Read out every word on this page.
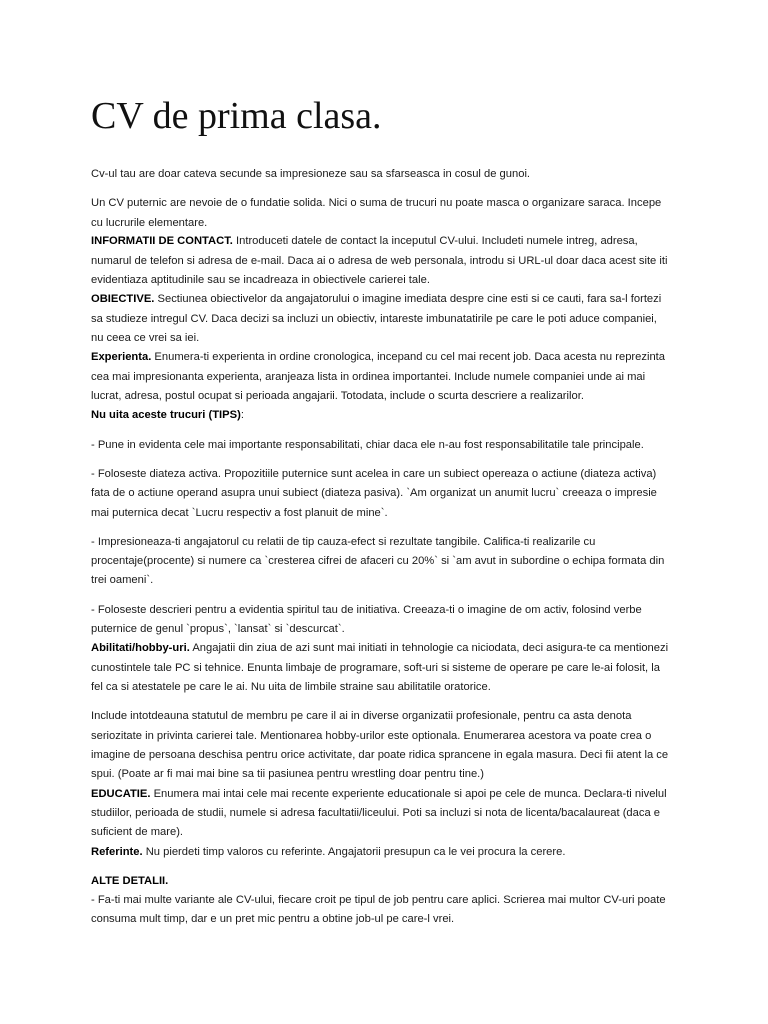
CV de prima clasa.
Cv-ul tau are doar cateva secunde sa impresioneze sau sa sfarseasca in cosul de gunoi.
Un CV puternic are nevoie de o fundatie solida. Nici o suma de trucuri nu poate masca o organizare saraca. Incepe
cu lucrurile elementare.
INFORMATII DE CONTACT. Introduceti datele de contact la inceputul CV-ului. Includeti numele intreg, adresa,
numarul de telefon si adresa de e-mail. Daca ai o adresa de web personala, introdu si URL-ul doar daca acest site iti
evidentiaza aptitudinile sau se incadreaza in obiectivele carierei tale.
OBIECTIVE. Sectiunea obiectivelor da angajatorului o imagine imediata despre cine esti si ce cauti, fara sa-l fortezi
sa studieze intregul CV. Daca decizi sa incluzi un obiectiv, intareste imbunatatirile pe care le poti aduce companiei,
nu ceea ce vrei sa iei.
Experienta. Enumera-ti experienta in ordine cronologica, incepand cu cel mai recent job. Daca acesta nu reprezinta
cea mai impresionanta experienta, aranjeaza lista in ordinea importantei. Include numele companiei unde ai mai
lucrat, adresa, postul ocupat si perioada angajarii. Totodata, include o scurta descriere a realizarilor.
Nu uita aceste trucuri (TIPS):
- Pune in evidenta cele mai importante responsabilitati, chiar daca ele n-au fost responsabilitatile tale principale.
- Foloseste diateza activa. Propozitiile puternice sunt acelea in care un subiect opereaza o actiune (diateza activa)
fata de o actiune operand asupra unui subiect (diateza pasiva). `Am organizat un anumit lucru` creeaza o impresie
mai puternica decat `Lucru respectiv a fost planuit de mine`.
- Impresioneaza-ti angajatorul cu relatii de tip cauza-efect si rezultate tangibile. Califica-ti realizarile cu
procentaje(procente) si numere ca `cresterea cifrei de afaceri cu 20%` si `am avut in subordine o echipa formata din
trei oameni`.
- Foloseste descrieri pentru a evidentia spiritul tau de initiativa. Creeaza-ti o imagine de om activ, folosind verbe
puternice de genul `propus`, `lansat` si `descurcat`.
Abilitati/hobby-uri. Angajatii din ziua de azi sunt mai initiati in tehnologie ca niciodata, deci asigura-te ca mentionezi
cunostintele tale PC si tehnice. Enunta limbaje de programare, soft-uri si sisteme de operare pe care le-ai folosit, la
fel ca si atestatele pe care le ai. Nu uita de limbile straine sau abilitatile oratorice.
Include intotdeauna statutul de membru pe care il ai in diverse organizatii profesionale, pentru ca asta denota
seriozitate in privinta carierei tale. Mentionarea hobby-urilor este optionala. Enumerarea acestora va poate crea o
imagine de persoana deschisa pentru orice activitate, dar poate ridica sprancene in egala masura. Deci fii atent la ce
spui. (Poate ar fi mai mai bine sa tii pasiunea pentru wrestling doar pentru tine.)
EDUCATIE. Enumera mai intai cele mai recente experiente educationale si apoi pe cele de munca. Declara-ti nivelul
studiilor, perioada de studii, numele si adresa facultatii/liceului. Poti sa incluzi si nota de licenta/bacalaureat (daca e
suficient de mare).
Referinte. Nu pierdeti timp valoros cu referinte. Angajatorii presupun ca le vei procura la cerere.
ALTE DETALII.
- Fa-ti mai multe variante ale CV-ului, fiecare croit pe tipul de job pentru care aplici. Scrierea mai multor CV-uri poate
consuma mult timp, dar e un pret mic pentru a obtine job-ul pe care-l vrei.
